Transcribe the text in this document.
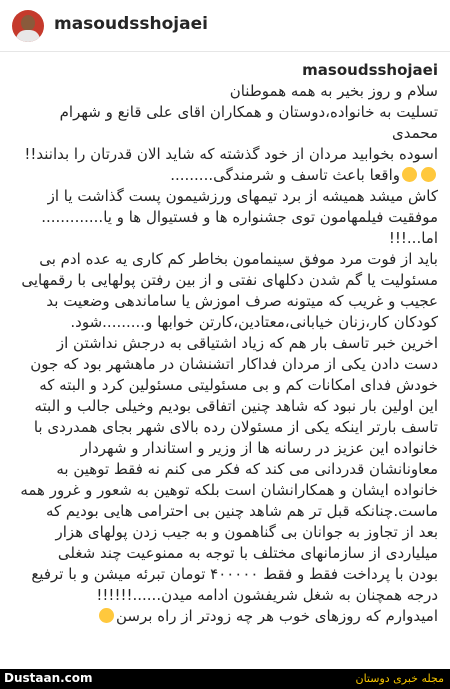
masoudsshojaei
masoudsshojaei
سلام و روز بخیر به همه هموطنان
تسلیت به خانواده،دوستان و همکاران اقای علی قانع و شهرام
محمدی
اسوده بخوابید مردان از خود گذشته که شاید الان قدرتان را بدانند!!
واقعا باعث تاسف و شرمندگی.........
کاش میشد همیشه از برد تیمهای ورزشیمون پست گذاشت یا از
موفقیت فیلمهامون توی جشنواره ها و فستیوال ها و یا.............
اما...!!!
باید از فوت مرد موفق سینمامون بخاطر کم کاری یه عده ادم بی
مسئولیت یا گم شدن دکلهای نفتی و از بین رفتن پولهایی با رقمهایی
عجیب و غریب که میتونه صرف اموزش یا ساماندهی وضعیت بد
کودکان کار،زنان خیابانی،معتادین،کارتن خوابها و.........شود.
اخرین خبر تاسف بار هم که زیاد اشتیاقی به درجش نداشتن از
دست دادن یکی از مردان فداکار اتشنشان در ماهشهر بود که جون
خودش فدای امکانات کم و بی مسئولیتی مسئولین کرد و البته که
این اولین بار نبود که شاهد چنین اتفاقی بودیم وخیلی جالب و البته
تاسف بارتر اینکه یکی از مسئولان رده بالای شهر بجای همدردی با
خانواده این عزیز در رسانه ها از وزیر و استاندار و شهردار
معاونانشان قدردانی می کند که فکر می کنم نه فقط توهین به
خانواده ایشان و همکارانشان است بلکه توهین به شعور و غرور همه
ماست.چنانکه قبل تر هم شاهد چنین بی احترامی هایی بودیم که
بعد از تجاوز به جوانان بی گناهمون و به جیب زدن پولهای هزار
میلیاردی از سازمانهای مختلف با توجه به ممنوعیت چند شغلی
بودن با پرداخت فقط و فقط ۴۰۰۰۰۰ تومان تبرئه میشن و با ترفیع
درجه همچنان به شغل شریفشون ادامه میدن......!!!!!!
امیدوارم که روزهای خوب هر چه زودتر از راه برسن
Dustaan.com	مجله خبری دوستان
